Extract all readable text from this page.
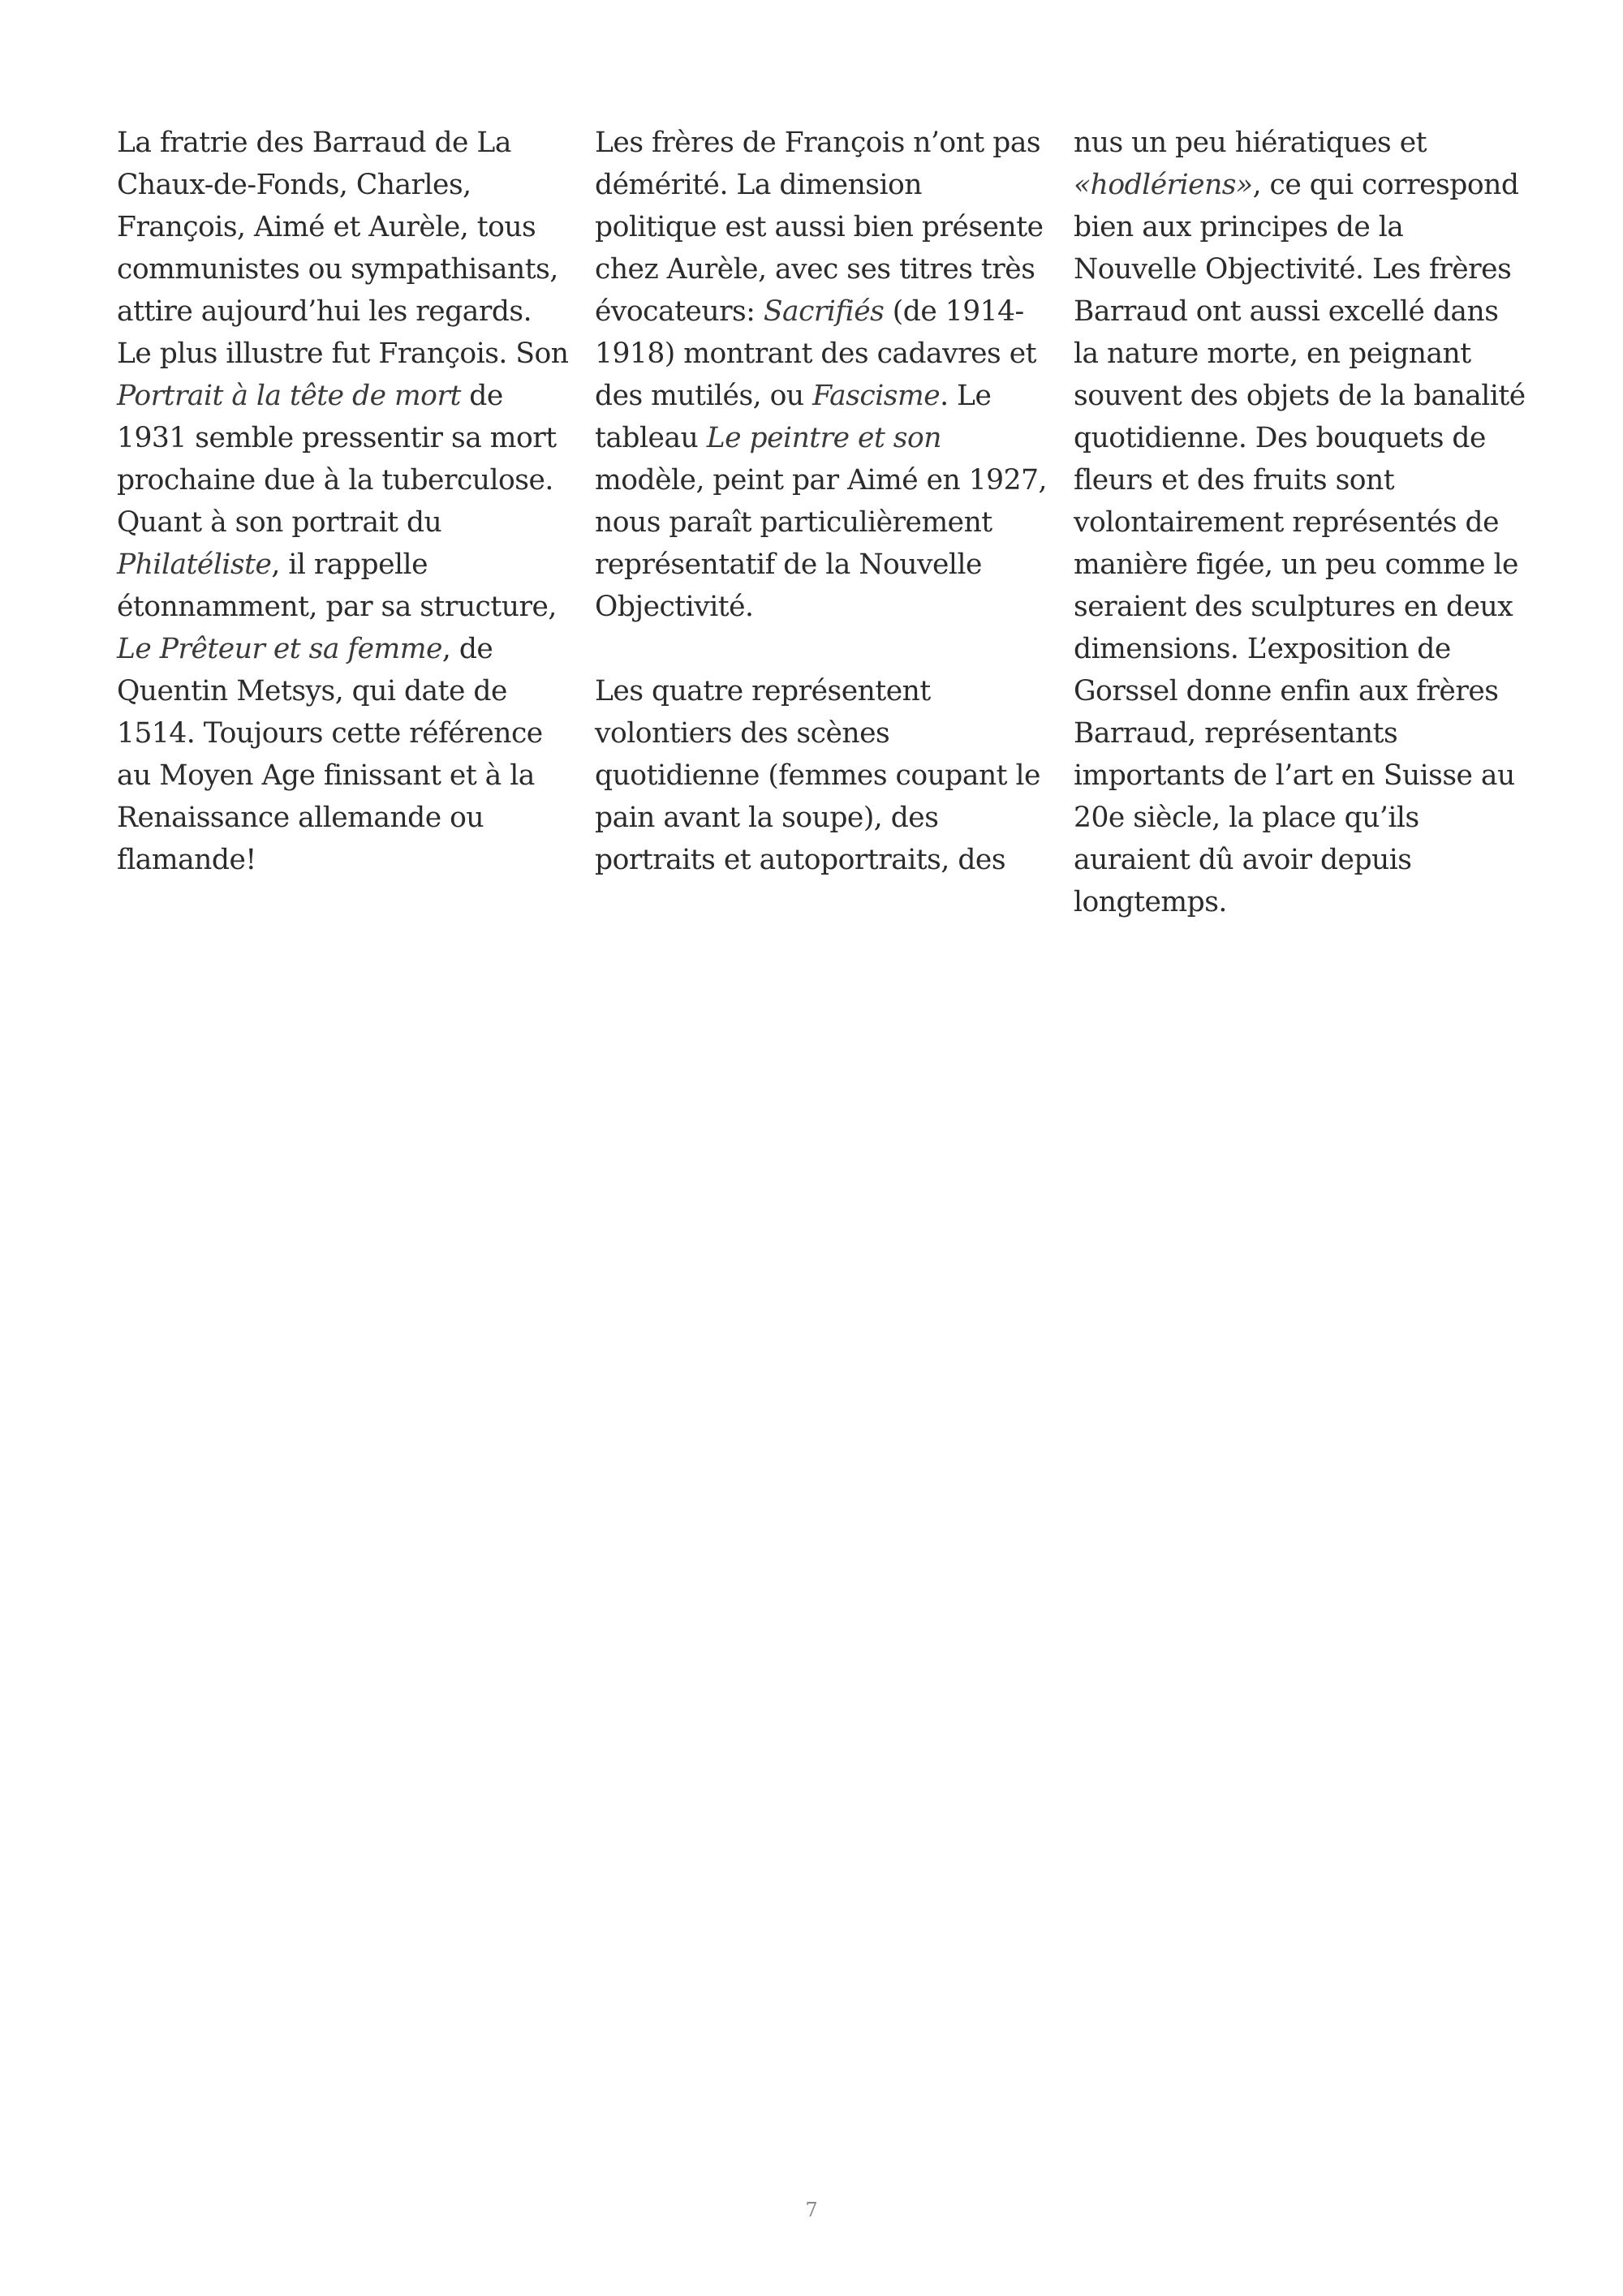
La fratrie des Barraud de La Chaux-de-Fonds, Charles, François, Aimé et Aurèle, tous communistes ou sympathisants, attire aujourd’hui les regards. Le plus illustre fut François. Son Portrait à la tête de mort de 1931 semble pressentir sa mort prochaine due à la tuberculose. Quant à son portrait du Philatéliste, il rappelle étonnamment, par sa structure, Le Prêteur et sa femme, de Quentin Metsys, qui date de 1514. Toujours cette référence au Moyen Age finissant et à la Renaissance allemande ou flamande!

Les frères de François n’ont pas démérité. La dimension politique est aussi bien présente chez Aurèle, avec ses titres très évocateurs: Sacrifiés (de 1914-1918) montrant des cadavres et des mutilés, ou Fascisme. Le tableau Le peintre et son modèle, peint par Aimé en 1927, nous paraît particulièrement représentatif de la Nouvelle Objectivité.

Les quatre représentent volontiers des scènes quotidienne (femmes coupant le pain avant la soupe), des portraits et autoportraits, des

nus un peu hiératiques et «hodlériens», ce qui correspond bien aux principes de la Nouvelle Objectivité. Les frères Barraud ont aussi excellé dans la nature morte, en peignant souvent des objets de la banalité quotidienne. Des bouquets de fleurs et des fruits sont volontairement représentés de manière figée, un peu comme le seraient des sculptures en deux dimensions. L’exposition de Gorssel donne enfin aux frères Barraud, représentants importants de l’art en Suisse au 20e siècle, la place qu’ils auraient dû avoir depuis longtemps.

7
